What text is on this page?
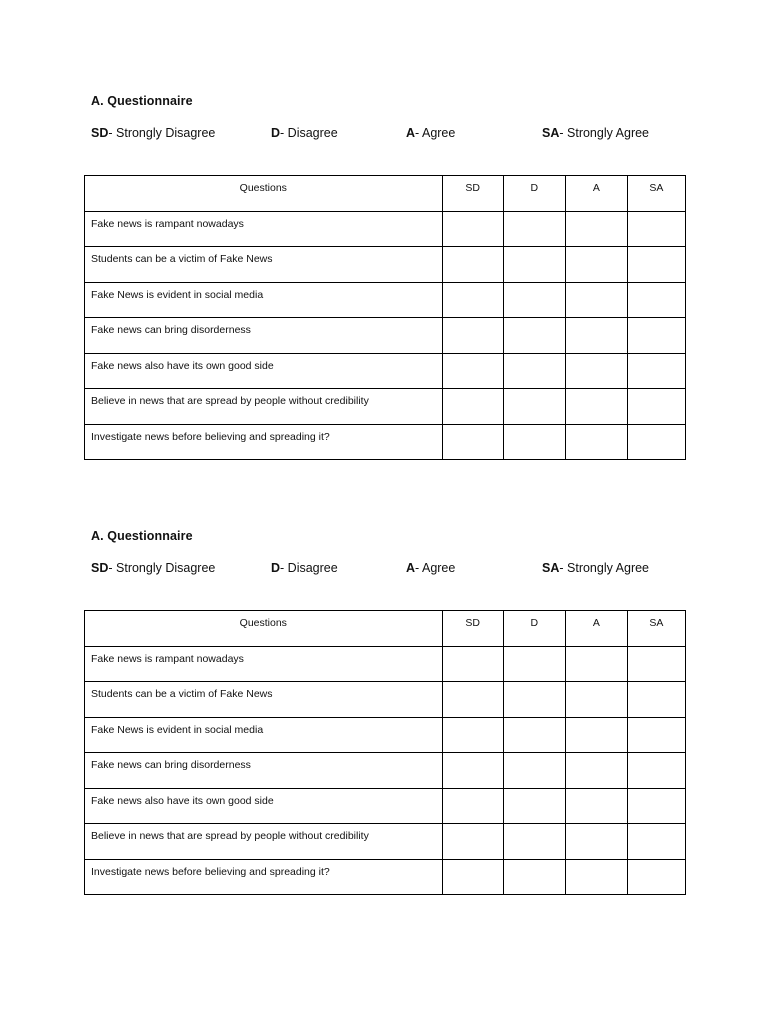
A. Questionnaire
SD- Strongly Disagree	D- Disagree	A- Agree	SA- Strongly Agree
Questions	SD	D	A	SA
Fake news is rampant nowadays				
Students can be a victim of Fake News				
Fake News is evident in social media				
Fake news can bring disorderness				
Fake news also have its own good side				
Believe in news that are spread by people without credibility				
Investigate news before believing and spreading it?				
A. Questionnaire
SD- Strongly Disagree	D- Disagree	A- Agree	SA- Strongly Agree
Questions	SD	D	A	SA
Fake news is rampant nowadays				
Students can be a victim of Fake News				
Fake News is evident in social media				
Fake news can bring disorderness				
Fake news also have its own good side				
Believe in news that are spread by people without credibility				
Investigate news before believing and spreading it?				
